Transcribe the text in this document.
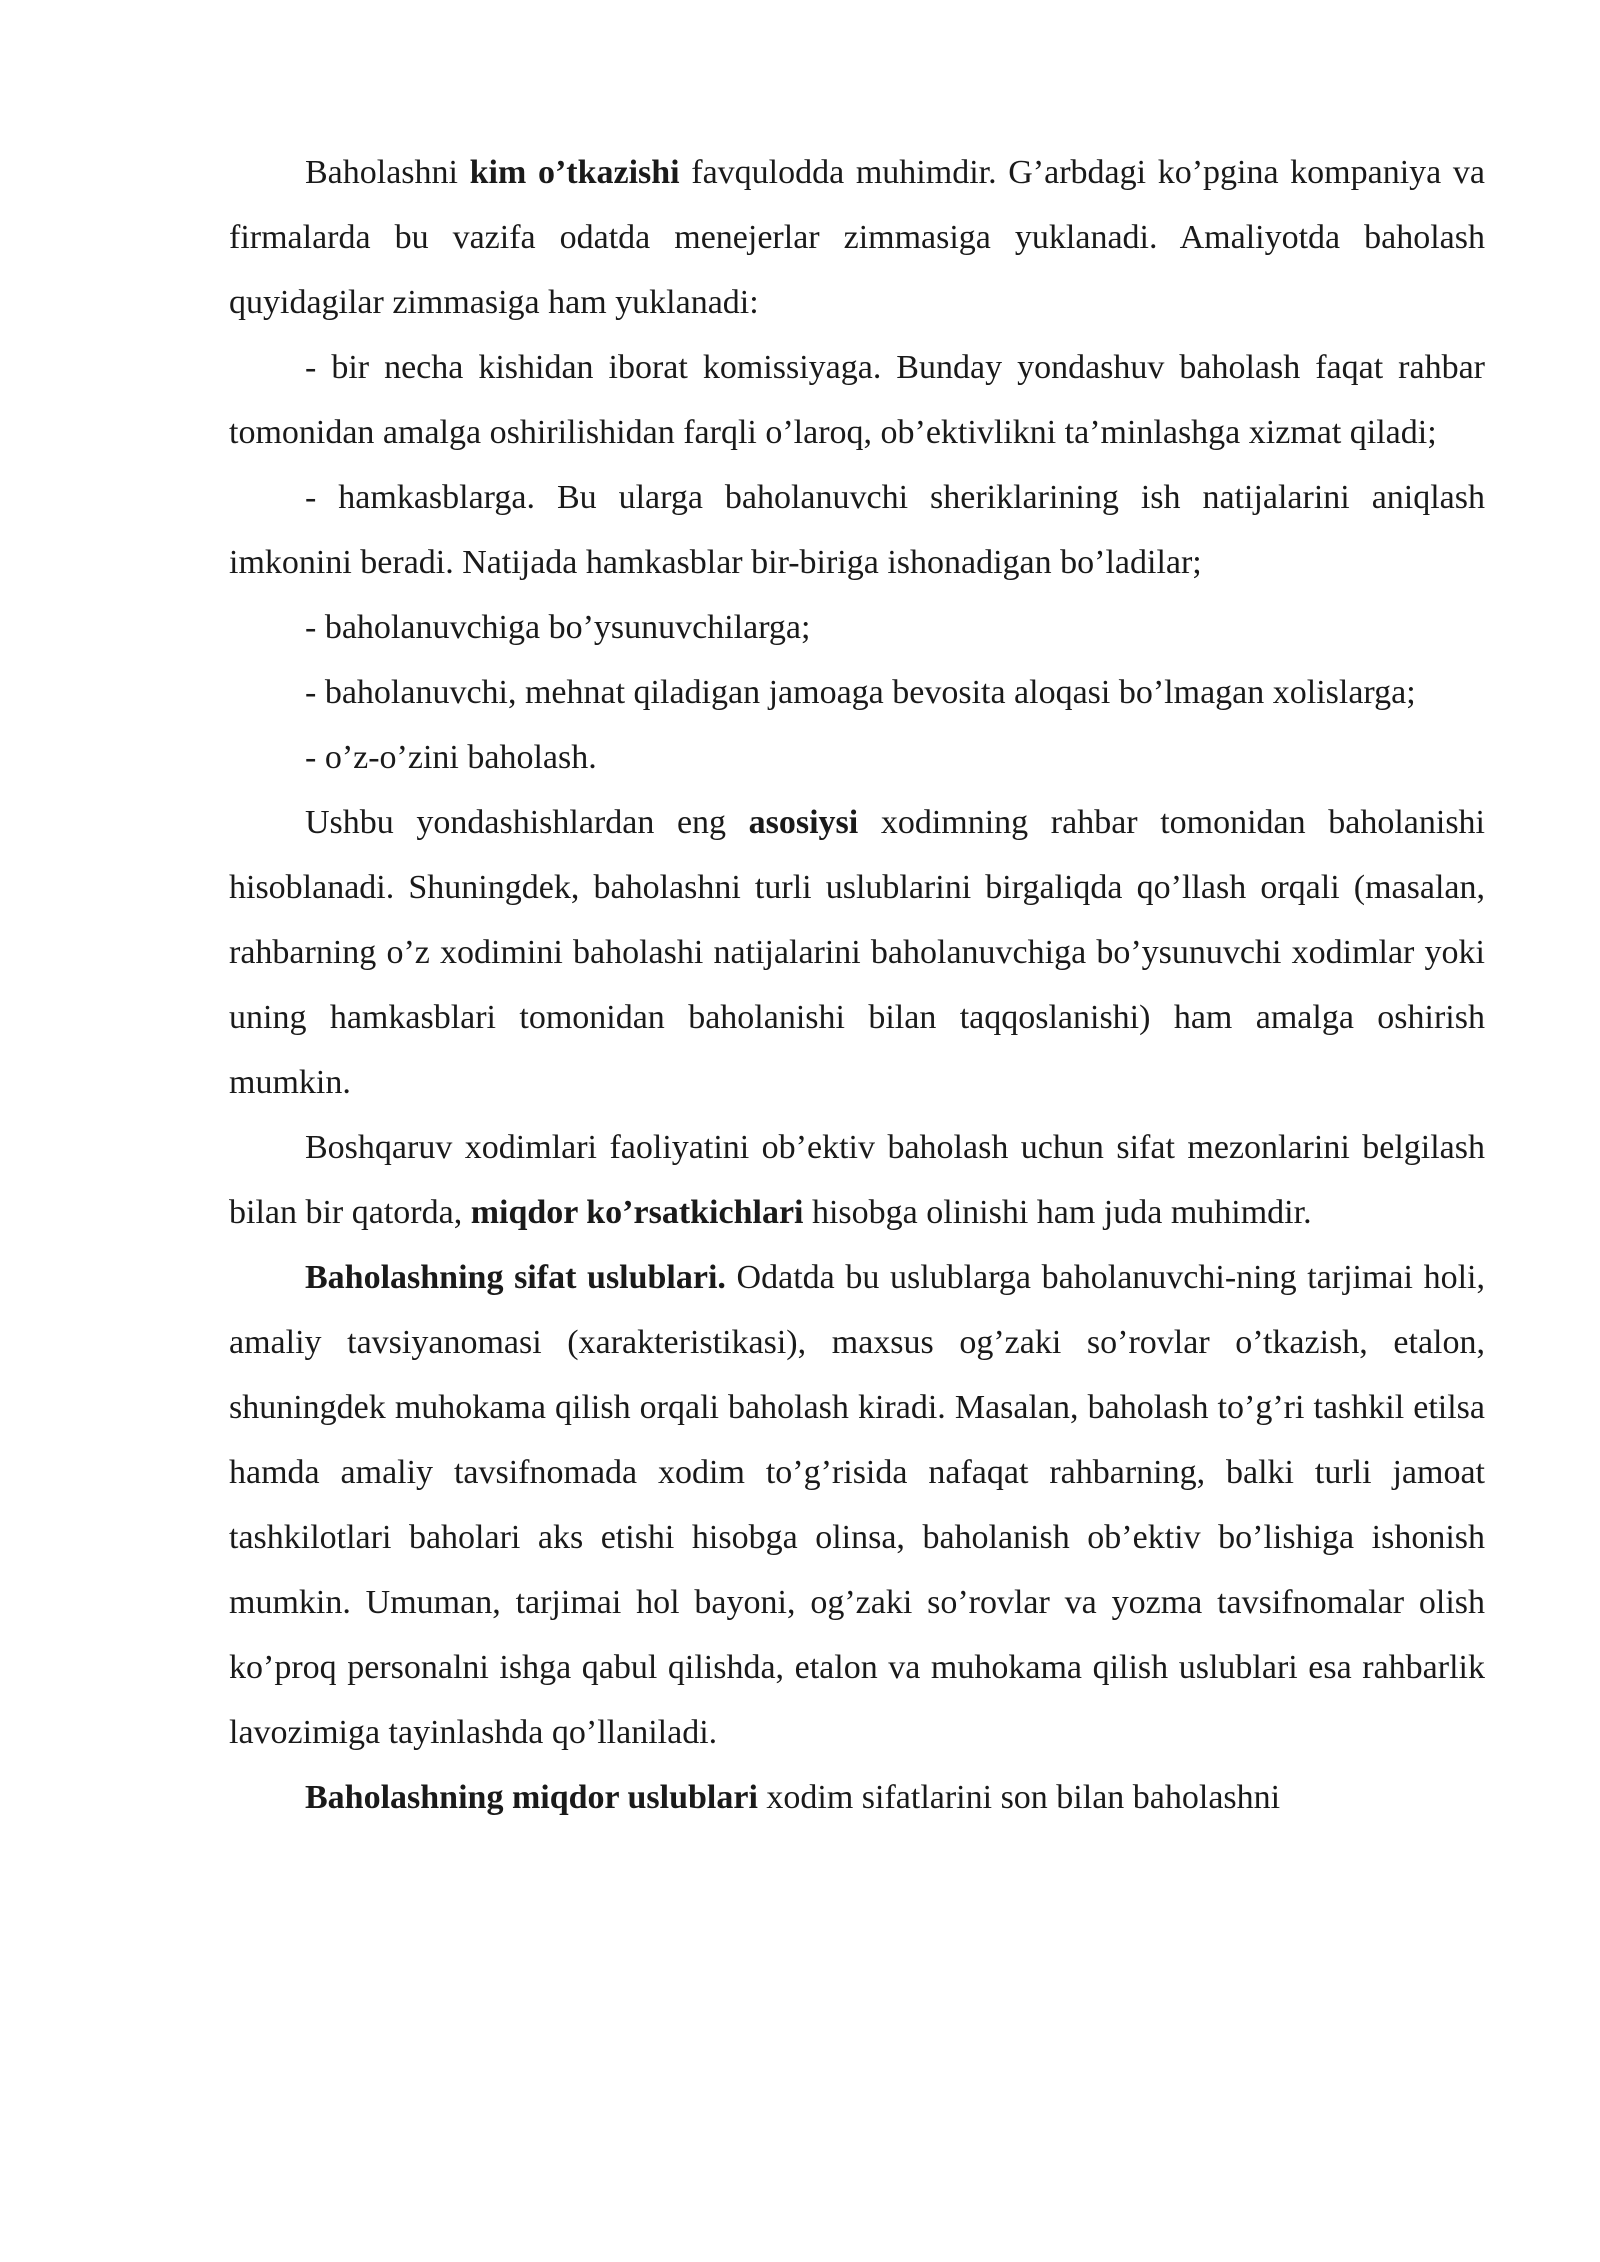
Baholashni kim o’tkazishi favqulodda muhimdir. G’arbdagi ko’pgina kompaniya va firmalarda bu vazifa odatda menejerlar zimmasiga yuklanadi. Amaliyotda baholash quyidagilar zimmasiga ham yuklanadi:

- bir necha kishidan iborat komissiyaga. Bunday yondashuv baholash faqat rahbar tomonidan amalga oshirilishidan farqli o’laroq, ob’ektivlikni ta’minlashga xizmat qiladi;

- hamkasblarga. Bu ularga baholanuvchi sheriklarining ish natijalarini aniqlash imkonini beradi. Natijada hamkasblar bir-biriga ishonadigan bo’ladilar;

- baholanuvchiga bo’ysunuvchilarga;

- baholanuvchi, mehnat qiladigan jamoaga bevosita aloqasi bo’lmagan xolislarga;

- o’z-o’zini baholash.

Ushbu yondashishlardan eng asosiysi xodimning rahbar tomonidan baholanishi hisoblanadi. Shuningdek, baholashni turli uslublarini birgaliqda qo’llash orqali (masalan, rahbarning o’z xodimini baholashi natijalarini baholanuvchiga bo’ysunuvchi xodimlar yoki uning hamkasblari tomonidan baholanishi bilan taqqoslanishi) ham amalga oshirish mumkin.

Boshqaruv xodimlari faoliyatini ob’ektiv baholash uchun sifat mezonlarini belgilash bilan bir qatorda, miqdor ko’rsatkichlari hisobga olinishi ham juda muhimdir.

Baholashning sifat uslublari. Odatda bu uslublarga baholanuvchi-ning tarjimai holi, amaliy tavsiyanomasi (xarakteristikasi), maxsus og’zaki so’rovlar o’tkazish, etalon, shuningdek muhokama qilish orqali baholash kiradi. Masalan, baholash to’g’ri tashkil etilsa hamda amaliy tavsifnomada xodim to’g’risida nafaqat rahbarning, balki turli jamoat tashkilotlari baholari aks etishi hisobga olinsa, baholanish ob’ektiv bo’lishiga ishonish mumkin. Umuman, tarjimai hol bayoni, og’zaki so’rovlar va yozma tavsifnomalar olish ko’proq personalni ishga qabul qilishda, etalon va muhokama qilish uslublari esa rahbarlik lavozimiga tayinlashda qo’llaniladi.

Baholashning miqdor uslublari xodim sifatlarini son bilan baholashni
